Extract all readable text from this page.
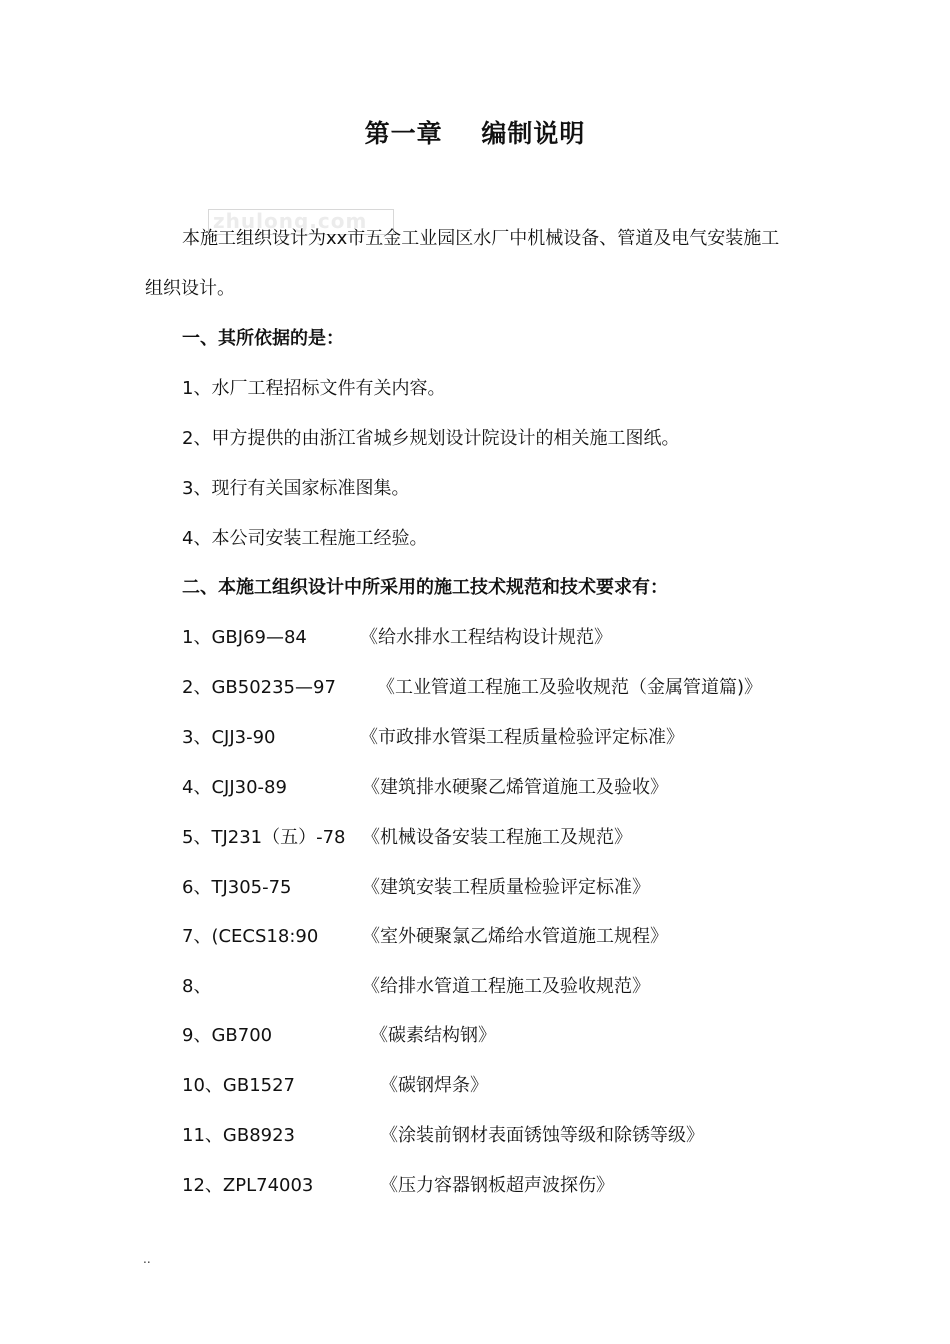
第一章    编制说明
zhulong.com
本施工组织设计为xx市五金工业园区水厂中机械设备、管道及电气安装施工
组织设计。
一、其所依据的是：
1、水厂工程招标文件有关内容。
2、甲方提供的由浙江省城乡规划设计院设计的相关施工图纸。
3、现行有关国家标准图集。
4、本公司安装工程施工经验。
二、本施工组织设计中所采用的施工技术规范和技术要求有：
1、GBJ69—84	《给水排水工程结构设计规范》
2、GB50235—97 《工业管道工程施工及验收规范（金属管道篇)》
3、CJJ3-90	《市政排水管渠工程质量检验评定标准》
4、CJJ30-89	《建筑排水硬聚乙烯管道施工及验收》
5、TJ231（五）-78 《机械设备安装工程施工及规范》
6、TJ305-75	《建筑安装工程质量检验评定标准》
7、(CECS18:90 《室外硬聚氯乙烯给水管道施工规程》
8、	《给排水管道工程施工及验收规范》
9、GB700	《碳素结构钢》
10、GB1527	《碳钢焊条》
11、GB8923	《涂装前钢材表面锈蚀等级和除锈等级》
12、ZPL74003	《压力容器钢板超声波探伤》
..
